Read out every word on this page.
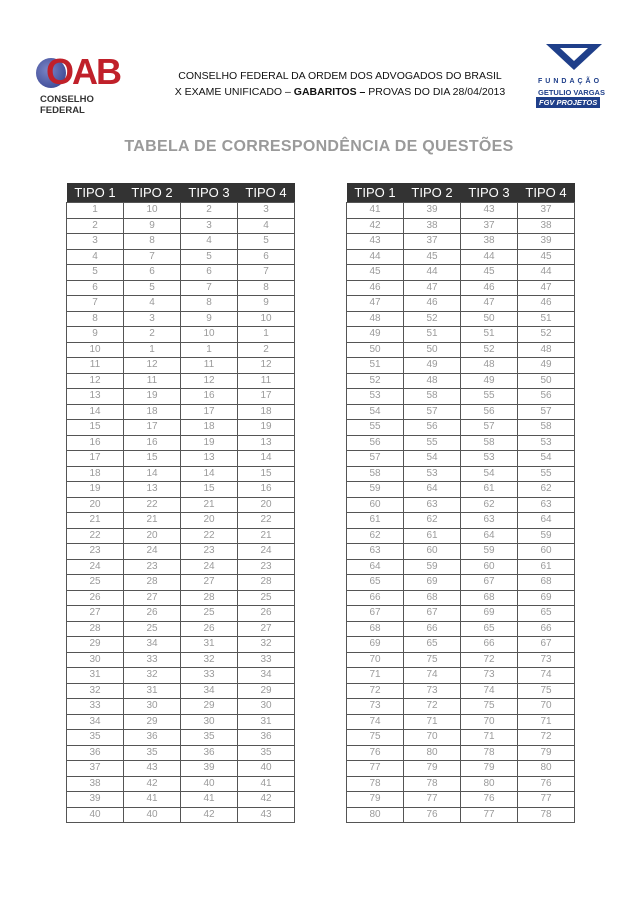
OAB
CONSELHO FEDERAL
CONSELHO FEDERAL DA ORDEM DOS ADVOGADOS DO BRASIL
X EXAME UNIFICADO – GABARITOS – PROVAS DO DIA 28/04/2013
FUNDAÇÃO
GETULIO VARGAS
FGV PROJETOS
TABELA DE CORRESPONDÊNCIA DE QUESTÕES
TIPO 1	TIPO 2	TIPO 3	TIPO 4
1	10	2	3
2	9	3	4
3	8	4	5
4	7	5	6
5	6	6	7
6	5	7	8
7	4	8	9
8	3	9	10
9	2	10	1
10	1	1	2
11	12	11	12
12	11	12	11
13	19	16	17
14	18	17	18
15	17	18	19
16	16	19	13
17	15	13	14
18	14	14	15
19	13	15	16
20	22	21	20
21	21	20	22
22	20	22	21
23	24	23	24
24	23	24	23
25	28	27	28
26	27	28	25
27	26	25	26
28	25	26	27
29	34	31	32
30	33	32	33
31	32	33	34
32	31	34	29
33	30	29	30
34	29	30	31
35	36	35	36
36	35	36	35
37	43	39	40
38	42	40	41
39	41	41	42
40	40	42	43
TIPO 1	TIPO 2	TIPO 3	TIPO 4
41	39	43	37
42	38	37	38
43	37	38	39
44	45	44	45
45	44	45	44
46	47	46	47
47	46	47	46
48	52	50	51
49	51	51	52
50	50	52	48
51	49	48	49
52	48	49	50
53	58	55	56
54	57	56	57
55	56	57	58
56	55	58	53
57	54	53	54
58	53	54	55
59	64	61	62
60	63	62	63
61	62	63	64
62	61	64	59
63	60	59	60
64	59	60	61
65	69	67	68
66	68	68	69
67	67	69	65
68	66	65	66
69	65	66	67
70	75	72	73
71	74	73	74
72	73	74	75
73	72	75	70
74	71	70	71
75	70	71	72
76	80	78	79
77	79	79	80
78	78	80	76
79	77	76	77
80	76	77	78
